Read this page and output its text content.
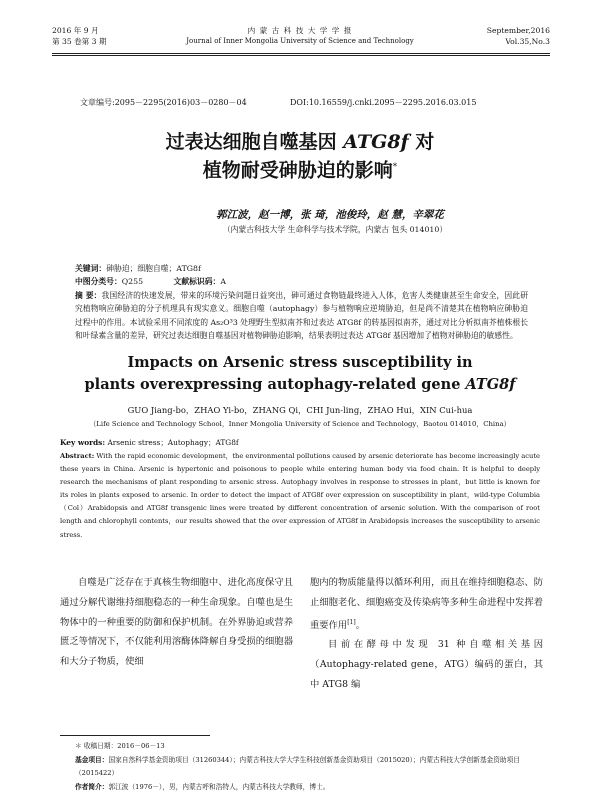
2016 年 9 月
第 35 卷第 3 期
内 蒙 古 科 技 大 学 学 报
Journal of Inner Mongolia University of Science and Technology
September,2016
Vol.35,No.3
文章编号:2095－2295(2016)03－0280－04	DOI:10.16559/j.cnki.2095－2295.2016.03.015
过表达细胞自噬基因 ATG8f 对
植物耐受砷胁迫的影响*
郭江波，赵一博，张 琦，池俊玲，赵 慧，辛翠花
（内蒙古科技大学 生命科学与技术学院，内蒙古 包头 014010）
关键词：砷胁迫；细胞自噬；ATG8f
中图分类号：Q255	文献标识码：A
摘 要：我国经济的快速发展，带来的环境污染问题日益突出，砷可通过食物链最终进入人体，危害人类健康甚至生命安全，因此研究植物响应砷胁迫的分子机理具有现实意义。细胞自噬（autophagy）参与植物响应逆境胁迫，但是尚不清楚其在植物响应砷胁迫过程中的作用。本试验采用不同浓度的 As₂O³3 处理野生型拟南芥和过表达 ATG8f 的转基因拟南芥，通过对比分析拟南芥植株根长和叶绿素含量的差异，研究过表达细胞自噬基因对植物砷胁迫影响，结果表明过表达 ATG8f 基因增加了植物对砷胁迫的敏感性。
Impacts on Arsenic stress susceptibility in
plants overexpressing autophagy-related gene ATG8f
GUO Jiang-bo，ZHAO Yi-bo，ZHANG Qi，CHI Jun-ling，ZHAO Hui，XIN Cui-hua
（Life Science and Technology School，Inner Mongolia University of Science and Technology，Baotou 014010，China）
Key words: Arsenic stress；Autophagy；ATG8f
Abstract: With the rapid economic development，the environmental pollutions caused by arsenic deteriorate has become increasingly acute these years in China. Arsenic is hypertonic and poisonous to people while entering human body via food chain. It is helpful to deeply research the mechanisms of plant responding to arsenic stress. Autophagy involves in response to stresses in plant，but little is known for its roles in plants exposed to arsenic. In order to detect the impact of ATG8f over expression on susceptibility in plant，wild-type Columbia（Col）Arabidopsis and ATG8f transgenic lines were treated by different concentration of arsenic solution. With the comparison of root length and chlorophyll contents，our results showed that the over expression of ATG8f in Arabidopsis increases the susceptibility to arsenic stress.
自噬是广泛存在于真核生物细胞中、进化高度保守且通过分解代谢维持细胞稳态的一种生命现象。自噬也是生物体中的一种重要的防御和保护机制。在外界胁迫或营养匮乏等情况下，不仅能利用溶酶体降解自身受损的细胞器和大分子物质，使细
胞内的物质能量得以循环利用，而且在维持细胞稳态、防止细胞老化、细胞癌变及传染病等多种生命进程中发挥着重要作用[1]。
目前在酵母中发现 31 种自噬相关基因（Autophagy-related gene，ATG）编码的蛋白，其中 ATG8 编
＊ 收稿日期：2016－06－13
基金项目：国家自然科学基金资助项目（31260344）；内蒙古科技大学大学生科技创新基金资助项目（2015020）；内蒙古科技大学创新基金资助项目（2015422）
作者简介：郭江波（1976－），男，内蒙古呼和浩特人，内蒙古科技大学教师，博士。
